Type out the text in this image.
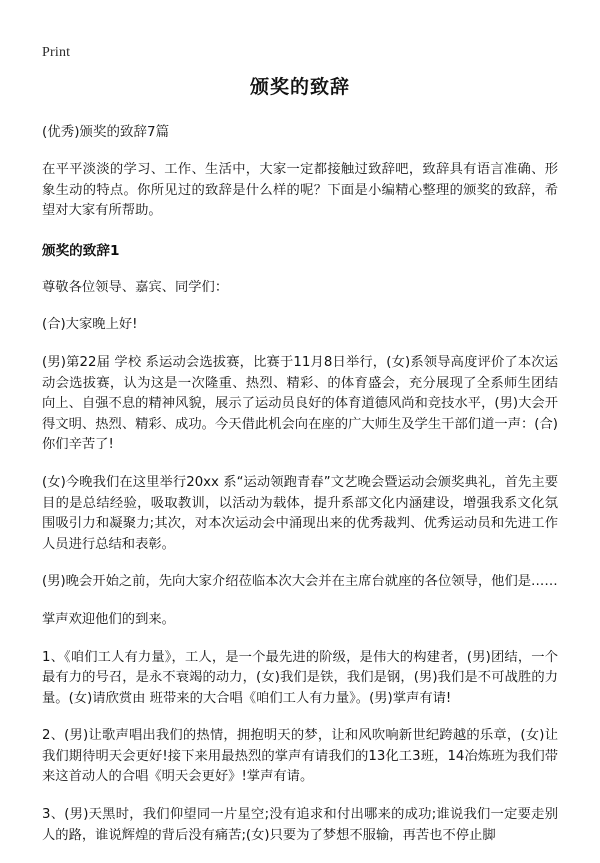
Print
颁奖的致辞
(优秀)颁奖的致辞7篇

在平平淡淡的学习、工作、生活中，大家一定都接触过致辞吧，致辞具有语言准确、形象生动的特点。你所见过的致辞是什么样的呢？下面是小编精心整理的颁奖的致辞，希望对大家有所帮助。

颁奖的致辞1

尊敬各位领导、嘉宾、同学们：

(合)大家晚上好!

(男)第22届 学校 系运动会选拔赛，比赛于11月8日举行，(女)系领导高度评价了本次运动会选拔赛，认为这是一次隆重、热烈、精彩、的体育盛会，充分展现了全系师生团结向上、自强不息的精神风貌，展示了运动员良好的体育道德风尚和竞技水平，(男)大会开得文明、热烈、精彩、成功。今天借此机会向在座的广大师生及学生干部们道一声：(合)你们辛苦了!

(女)今晚我们在这里举行20xx 系“运动领跑青春”文艺晚会暨运动会颁奖典礼，首先主要目的是总结经验，吸取教训，以活动为载体，提升系部文化内涵建设，增强我系文化氛围吸引力和凝聚力;其次，对本次运动会中涌现出来的优秀裁判、优秀运动员和先进工作人员进行总结和表彰。

(男)晚会开始之前，先向大家介绍莅临本次大会并在主席台就座的各位领导，他们是……

掌声欢迎他们的到来。

1、《咱们工人有力量》，工人，是一个最先进的阶级，是伟大的构建者，(男)团结，一个最有力的号召，是永不衰竭的动力，(女)我们是铁，我们是钢，(男)我们是不可战胜的力量。(女)请欣赏由 班带来的大合唱《咱们工人有力量》。(男)掌声有请!

2、(男)让歌声唱出我们的热情，拥抱明天的梦，让和风吹响新世纪跨越的乐章，(女)让我们期待明天会更好!接下来用最热烈的掌声有请我们的13化工3班，14冶炼班为我们带来这首动人的合唱《明天会更好》!掌声有请。

3、(男)天黑时，我们仰望同一片星空;没有追求和付出哪来的成功;谁说我们一定要走别人的路，谁说辉煌的背后没有痛苦;(女)只要为了梦想不服输，再苦也不停止脚
